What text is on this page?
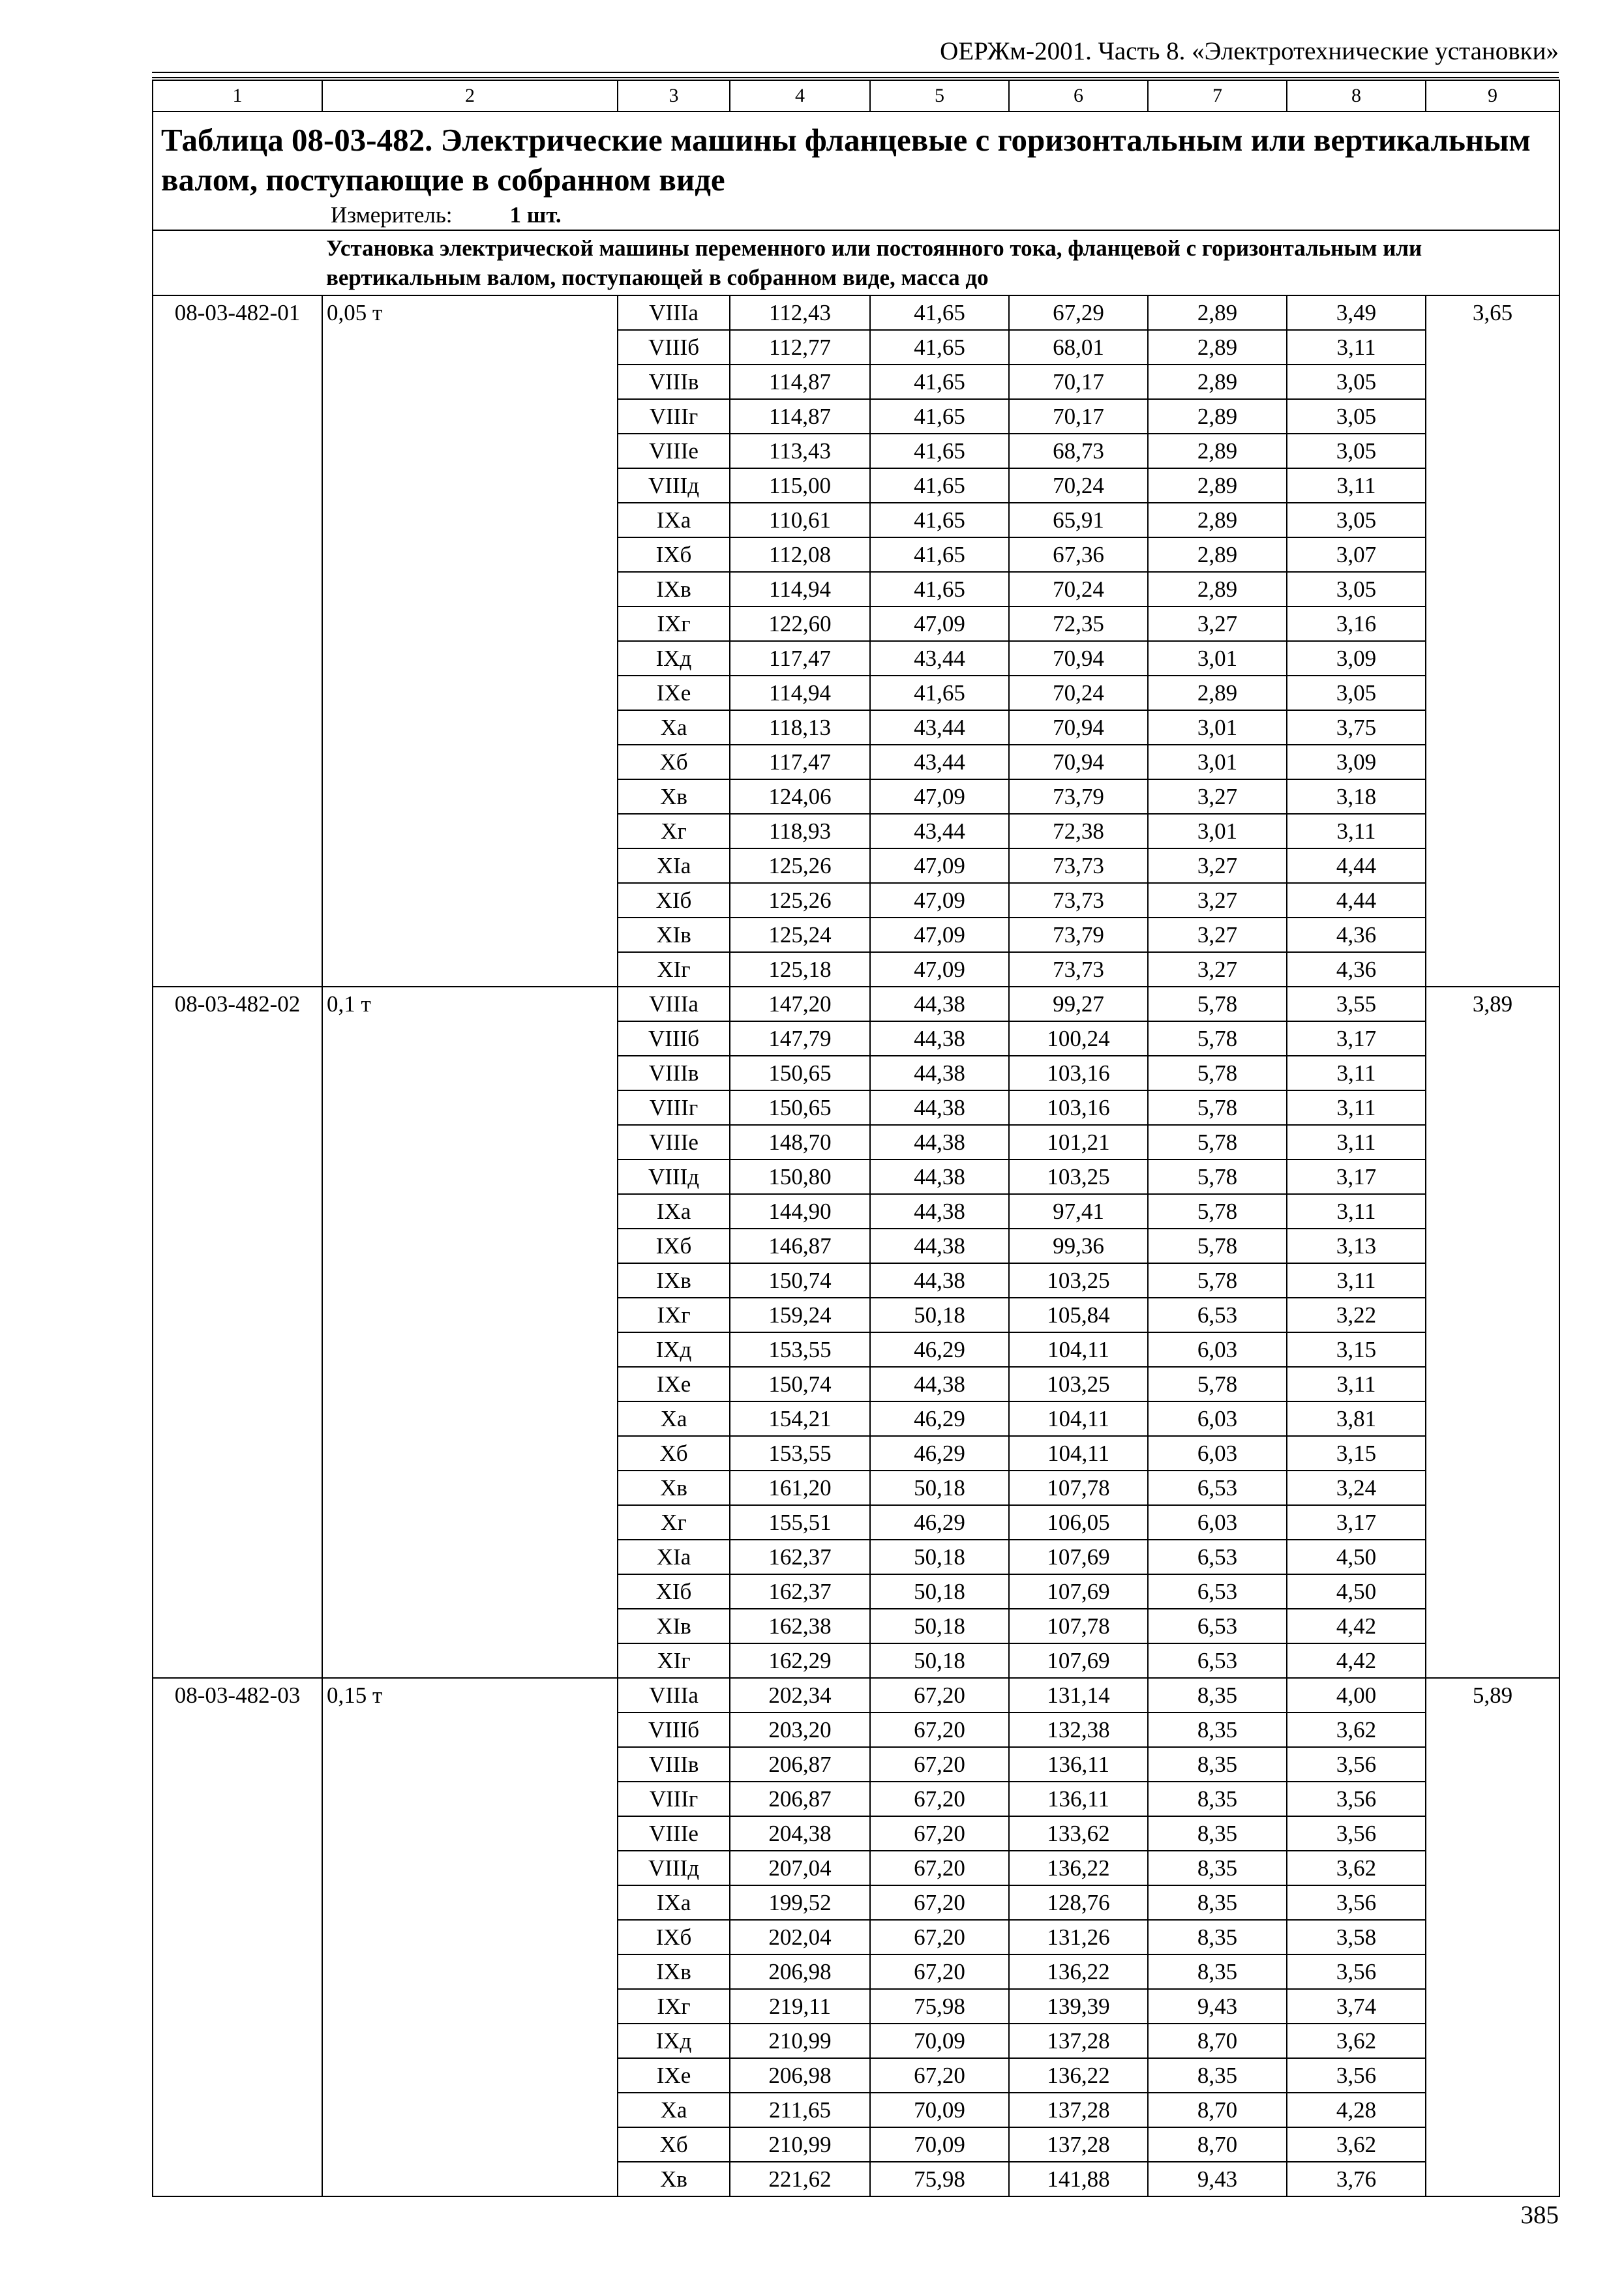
ОЕРЖм-2001. Часть 8. «Электротехнические установки»
1	2	3	4	5	6	7	8	9

Таблица 08-03-482. Электрические машины фланцевые с горизонтальным или вертикальным валом, поступающие в собранном виде
Измеритель: 1 шт.								

	Установка электрической машины переменного или постоянного тока, фланцевой с горизонтальным или вертикальным валом, поступающей в собранном виде, масса до							
08-03-482-01	0,05 т	VIIIа	112,43	41,65	67,29	2,89	3,49	3,65
		VIIIб	112,77	41,65	68,01	2,89	3,11	
		VIIIв	114,87	41,65	70,17	2,89	3,05	
		VIIIг	114,87	41,65	70,17	2,89	3,05	
		VIIIе	113,43	41,65	68,73	2,89	3,05	
		VIIIд	115,00	41,65	70,24	2,89	3,11	
		IXа	110,61	41,65	65,91	2,89	3,05	
		IXб	112,08	41,65	67,36	2,89	3,07	
		IXв	114,94	41,65	70,24	2,89	3,05	
		IXг	122,60	47,09	72,35	3,27	3,16	
		IXд	117,47	43,44	70,94	3,01	3,09	
		IXе	114,94	41,65	70,24	2,89	3,05	
		Xа	118,13	43,44	70,94	3,01	3,75	
		Xб	117,47	43,44	70,94	3,01	3,09	
		Xв	124,06	47,09	73,79	3,27	3,18	
		Xг	118,93	43,44	72,38	3,01	3,11	
		XIа	125,26	47,09	73,73	3,27	4,44	
		XIб	125,26	47,09	73,73	3,27	4,44	
		XIв	125,24	47,09	73,79	3,27	4,36	
		XIг	125,18	47,09	73,73	3,27	4,36	
08-03-482-02	0,1 т	VIIIа	147,20	44,38	99,27	5,78	3,55	3,89
		VIIIб	147,79	44,38	100,24	5,78	3,17	
		VIIIв	150,65	44,38	103,16	5,78	3,11	
		VIIIг	150,65	44,38	103,16	5,78	3,11	
		VIIIе	148,70	44,38	101,21	5,78	3,11	
		VIIIд	150,80	44,38	103,25	5,78	3,17	
		IXа	144,90	44,38	97,41	5,78	3,11	
		IXб	146,87	44,38	99,36	5,78	3,13	
		IXв	150,74	44,38	103,25	5,78	3,11	
		IXг	159,24	50,18	105,84	6,53	3,22	
		IXд	153,55	46,29	104,11	6,03	3,15	
		IXе	150,74	44,38	103,25	5,78	3,11	
		Xа	154,21	46,29	104,11	6,03	3,81	
		Xб	153,55	46,29	104,11	6,03	3,15	
		Xв	161,20	50,18	107,78	6,53	3,24	
		Xг	155,51	46,29	106,05	6,03	3,17	
		XIа	162,37	50,18	107,69	6,53	4,50	
		XIб	162,37	50,18	107,69	6,53	4,50	
		XIв	162,38	50,18	107,78	6,53	4,42	
		XIг	162,29	50,18	107,69	6,53	4,42	
08-03-482-03	0,15 т	VIIIа	202,34	67,20	131,14	8,35	4,00	5,89
		VIIIб	203,20	67,20	132,38	8,35	3,62	
		VIIIв	206,87	67,20	136,11	8,35	3,56	
		VIIIг	206,87	67,20	136,11	8,35	3,56	
		VIIIе	204,38	67,20	133,62	8,35	3,56	
		VIIIд	207,04	67,20	136,22	8,35	3,62	
		IXа	199,52	67,20	128,76	8,35	3,56	
		IXб	202,04	67,20	131,26	8,35	3,58	
		IXв	206,98	67,20	136,22	8,35	3,56	
		IXг	219,11	75,98	139,39	9,43	3,74	
		IXд	210,99	70,09	137,28	8,70	3,62	
		IXе	206,98	67,20	136,22	8,35	3,56	
		Xа	211,65	70,09	137,28	8,70	4,28	
		Xб	210,99	70,09	137,28	8,70	3,62	
		Xв	221,62	75,98	141,88	9,43	3,76	
385
